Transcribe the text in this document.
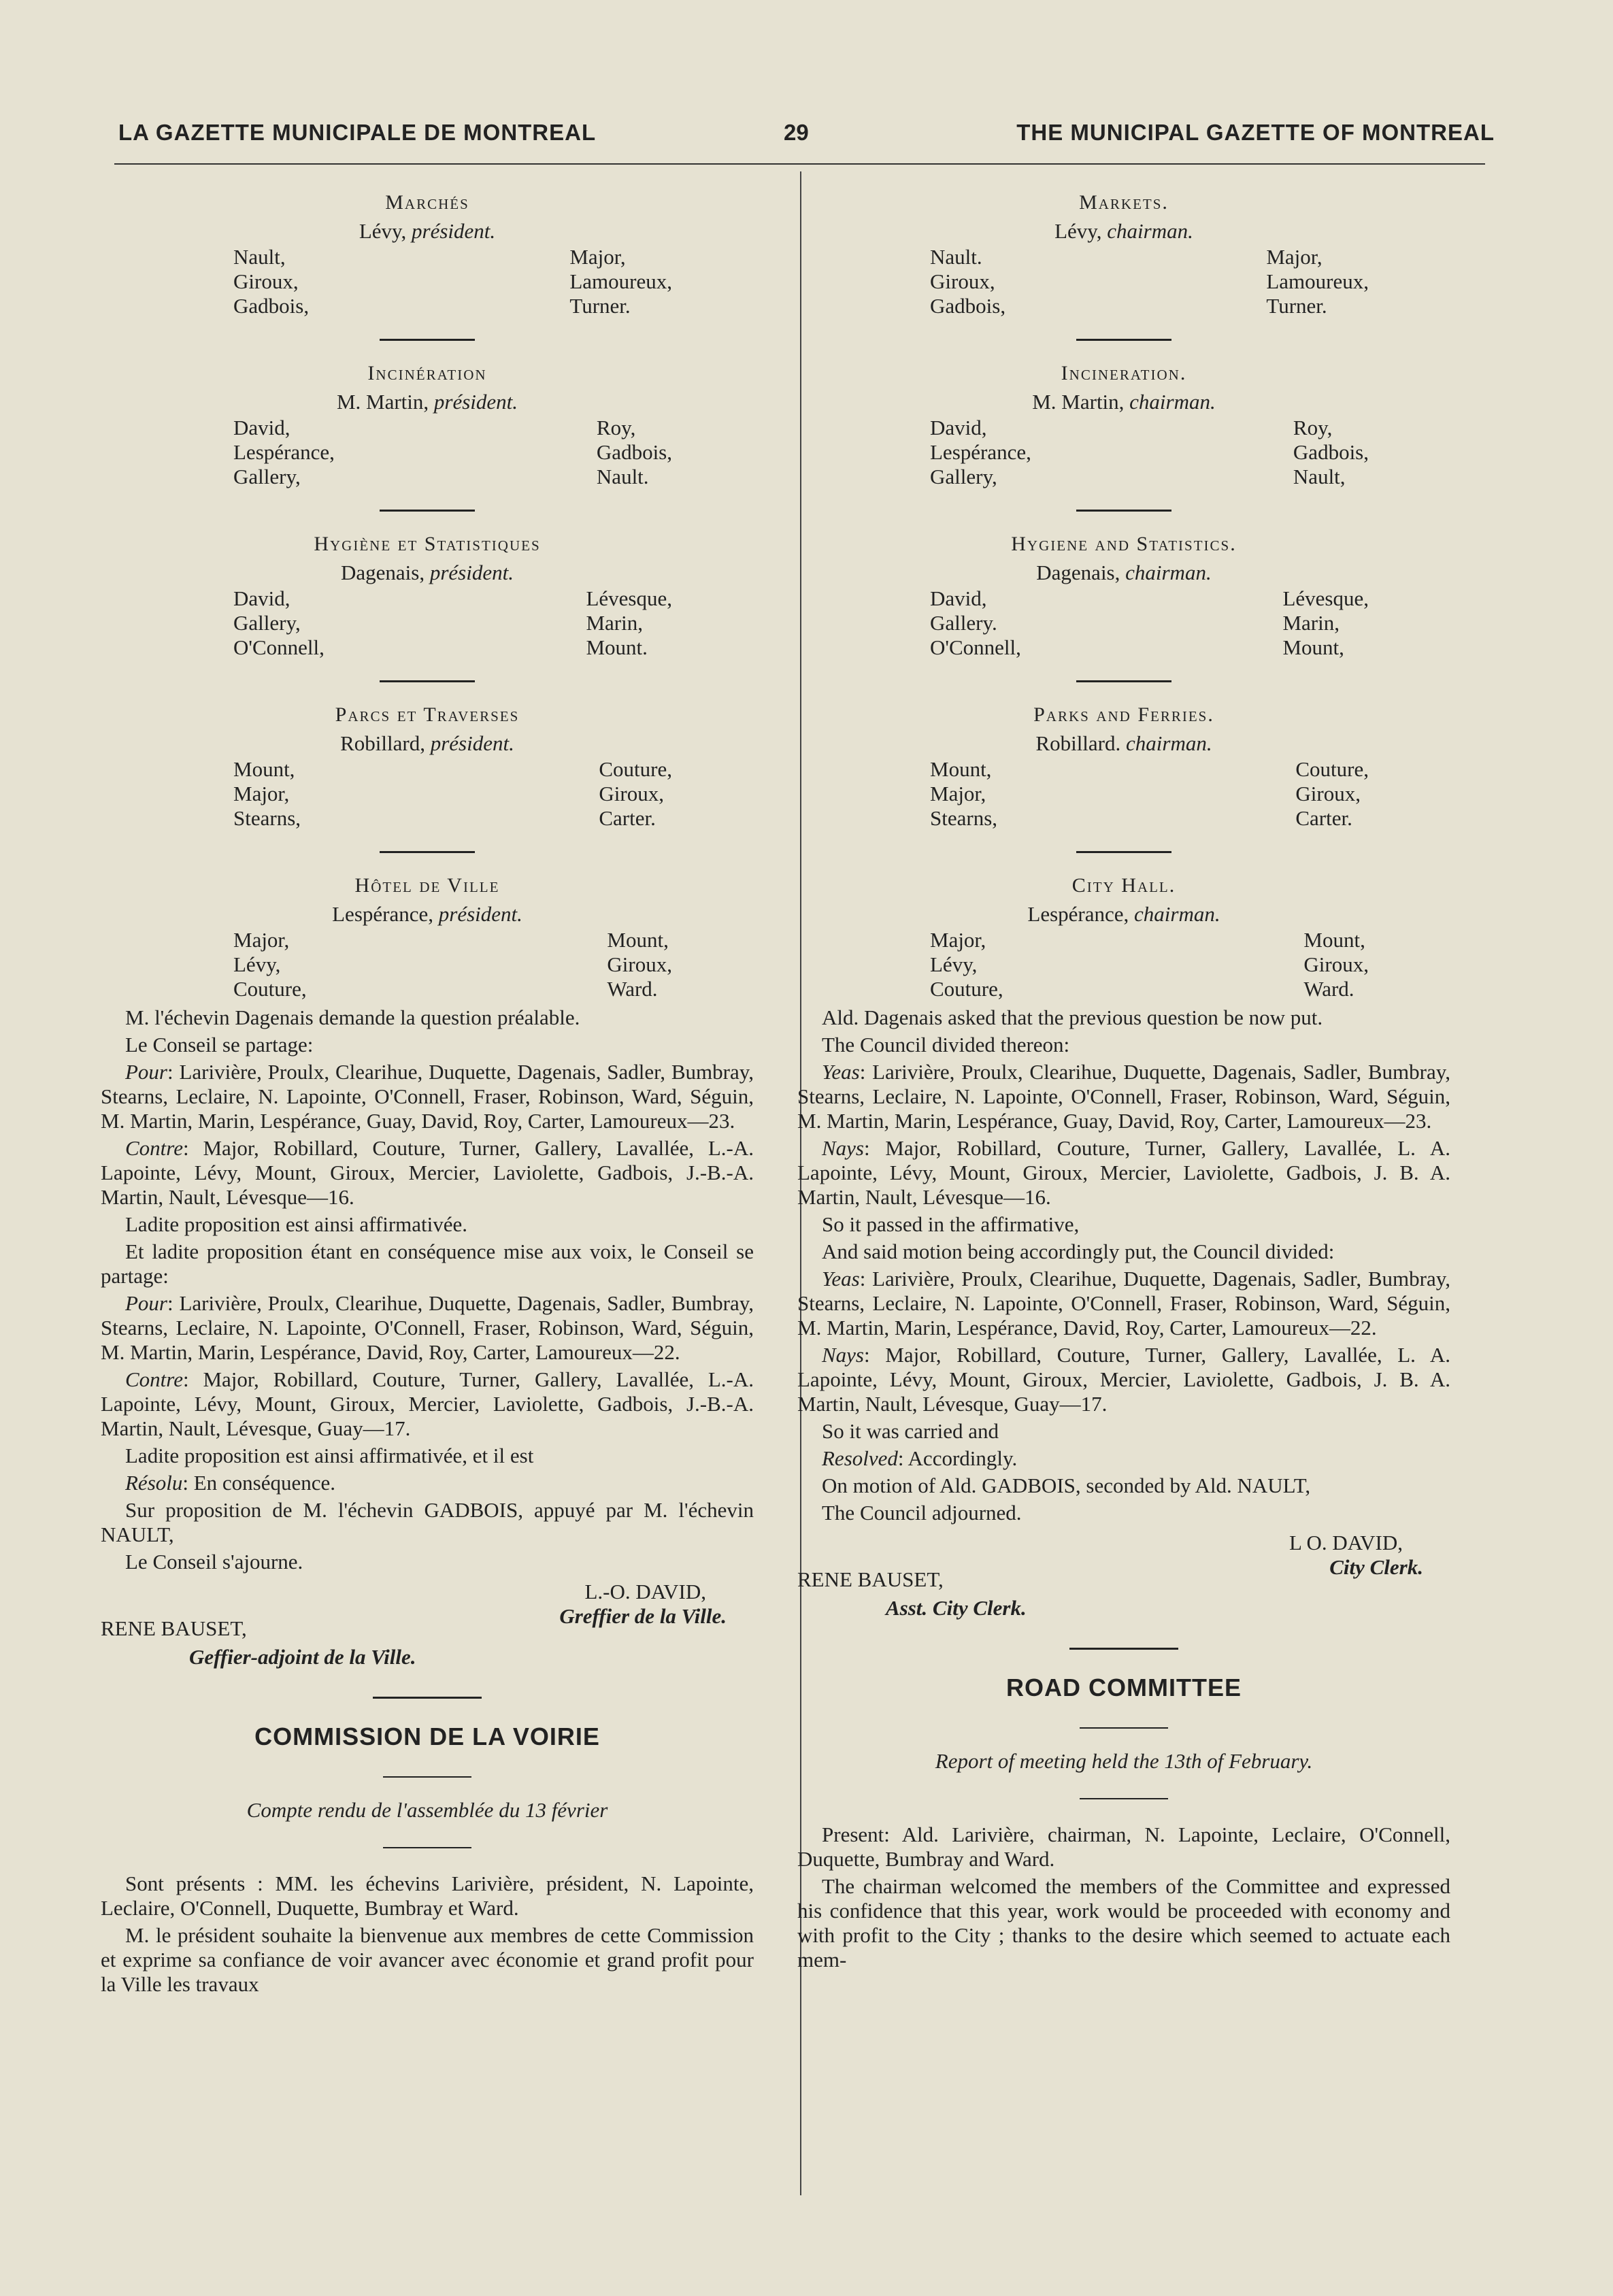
LA GAZETTE MUNICIPALE DE MONTREAL	29	THE MUNICIPAL GAZETTE OF MONTREAL
Marchés
Lévy, président.
Nault,
Giroux,
Gadbois,
Major,
Lamoureux,
Turner.
Incinération
M. Martin, président.
David,
Lespérance,
Gallery,
Roy,
Gadbois,
Nault.
Hygiène et Statistiques
Dagenais, président.
David,
Gallery,
O'Connell,
Lévesque,
Marin,
Mount.
Parcs et Traverses
Robillard, président.
Mount,
Major,
Stearns,
Couture,
Giroux,
Carter.
Hôtel de Ville
Lespérance, président.
Major,
Lévy,
Couture,
Mount,
Giroux,
Ward.

M. l'échevin Dagenais demande la question préalable.

Le Conseil se partage:

Pour: Larivière, Proulx, Clearihue, Duquette, Dagenais, Sadler, Bumbray, Stearns, Leclaire, N. Lapointe, O'Connell, Fraser, Robinson, Ward, Séguin, M. Martin, Marin, Lespérance, Guay, David, Roy, Carter, Lamoureux—23.

Contre: Major, Robillard, Couture, Turner, Gallery, Lavallée, L.-A. Lapointe, Lévy, Mount, Giroux, Mercier, Laviolette, Gadbois, J.-B.-A. Martin, Nault, Lévesque—16.

Ladite proposition est ainsi affirmativée.

Et ladite proposition étant en conséquence mise aux voix, le Conseil se partage:

Pour: Larivière, Proulx, Clearihue, Duquette, Dagenais, Sadler, Bumbray, Stearns, Leclaire, N. Lapointe, O'Connell, Fraser, Robinson, Ward, Séguin, M. Martin, Marin, Lespérance, David, Roy, Carter, Lamoureux—22.

Contre: Major, Robillard, Couture, Turner, Gallery, Lavallée, L.-A. Lapointe, Lévy, Mount, Giroux, Mercier, Laviolette, Gadbois, J.-B.-A. Martin, Nault, Lévesque, Guay—17.

Ladite proposition est ainsi affirmativée, et il est

Résolu: En conséquence.

Sur proposition de M. l'échevin GADBOIS, appuyé par M. l'échevin NAULT,

Le Conseil s'ajourne.

L.-O. DAVID,
Greffier de la Ville.
RENE BAUSET,
Geffier-adjoint de la Ville.
COMMISSION DE LA VOIRIE

Compte rendu de l'assemblée du 13 février

Sont présents : MM. les échevins Larivière, président, N. Lapointe, Leclaire, O'Connell, Duquette, Bumbray et Ward.

M. le président souhaite la bienvenue aux membres de cette Commission et exprime sa confiance de voir avancer avec économie et grand profit pour la Ville les travaux

Markets.
Lévy, chairman.
Nault.
Giroux,
Gadbois,
Major,
Lamoureux,
Turner.
Incineration.
M. Martin, chairman.
David,
Lespérance,
Gallery,
Roy,
Gadbois,
Nault,
Hygiene and Statistics.
Dagenais, chairman.
David,
Gallery.
O'Connell,
Lévesque,
Marin,
Mount,
Parks and Ferries.
Robillard. chairman.
Mount,
Major,
Stearns,
Couture,
Giroux,
Carter.
City Hall.
Lespérance, chairman.
Major,
Lévy,
Couture,
Mount,
Giroux,
Ward.

Ald. Dagenais asked that the previous question be now put.

The Council divided thereon:

Yeas: Larivière, Proulx, Clearihue, Duquette, Dagenais, Sadler, Bumbray, Stearns, Leclaire, N. Lapointe, O'Connell, Fraser, Robinson, Ward, Séguin, M. Martin, Marin, Lespérance, Guay, David, Roy, Carter, Lamoureux—23.

Nays: Major, Robillard, Couture, Turner, Gallery, Lavallée, L. A. Lapointe, Lévy, Mount, Giroux, Mercier, Laviolette, Gadbois, J. B. A. Martin, Nault, Lévesque—16.

So it passed in the affirmative,

And said motion being accordingly put, the Council divided:

Yeas: Larivière, Proulx, Clearihue, Duquette, Dagenais, Sadler, Bumbray, Stearns, Leclaire, N. Lapointe, O'Connell, Fraser, Robinson, Ward, Séguin, M. Martin, Marin, Lespérance, David, Roy, Carter, Lamoureux—22.

Nays: Major, Robillard, Couture, Turner, Gallery, Lavallée, L. A. Lapointe, Lévy, Mount, Giroux, Mercier, Laviolette, Gadbois, J. B. A. Martin, Nault, Lévesque, Guay—17.

So it was carried and

Resolved: Accordingly.

On motion of Ald. GADBOIS, seconded by Ald. NAULT,

The Council adjourned.

L O. DAVID,
City Clerk.
RENE BAUSET,
Asst. City Clerk.
ROAD COMMITTEE

Report of meeting held the 13th of February.

Present: Ald. Larivière, chairman, N. Lapointe, Leclaire, O'Connell, Duquette, Bumbray and Ward.

The chairman welcomed the members of the Committee and expressed his confidence that this year, work would be proceeded with economy and with profit to the City ; thanks to the desire which seemed to actuate each mem-
